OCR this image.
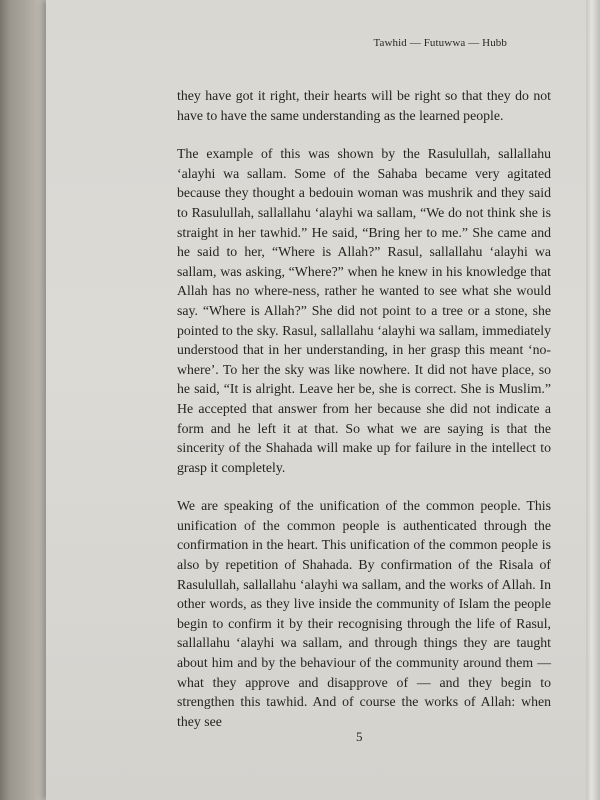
Tawhid — Futuwwa — Hubb

they have got it right, their hearts will be right so that they do not have to have the same understanding as the learned people.

The example of this was shown by the Rasulullah, sallallahu ‘alayhi wa sallam. Some of the Sahaba became very agitated because they thought a bedouin woman was mushrik and they said to Rasulullah, sallallahu ‘alayhi wa sallam, “We do not think she is straight in her tawhid.” He said, “Bring her to me.” She came and he said to her, “Where is Allah?” Rasul, sallallahu ‘alayhi wa sallam, was asking, “Where?” when he knew in his knowledge that Allah has no where-ness, rather he wanted to see what she would say. “Where is Allah?” She did not point to a tree or a stone, she pointed to the sky. Rasul, sallallahu ‘alayhi wa sallam, immediately understood that in her understanding, in her grasp this meant ‘no-where’. To her the sky was like nowhere. It did not have place, so he said, “It is alright. Leave her be, she is correct. She is Muslim.” He accepted that answer from her because she did not indicate a form and he left it at that. So what we are saying is that the sincerity of the Shahada will make up for failure in the intellect to grasp it completely.

We are speaking of the unification of the common people. This unification of the common people is authenticated through the confirmation in the heart. This unification of the common people is also by repetition of Shahada. By confirmation of the Risala of Rasulullah, sallallahu ‘alayhi wa sallam, and the works of Allah. In other words, as they live inside the community of Islam the people begin to confirm it by their recognising through the life of Rasul, sallallahu ‘alayhi wa sallam, and through things they are taught about him and by the behaviour of the community around them — what they approve and disapprove of — and they begin to strengthen this tawhid. And of course the works of Allah: when they see

5
